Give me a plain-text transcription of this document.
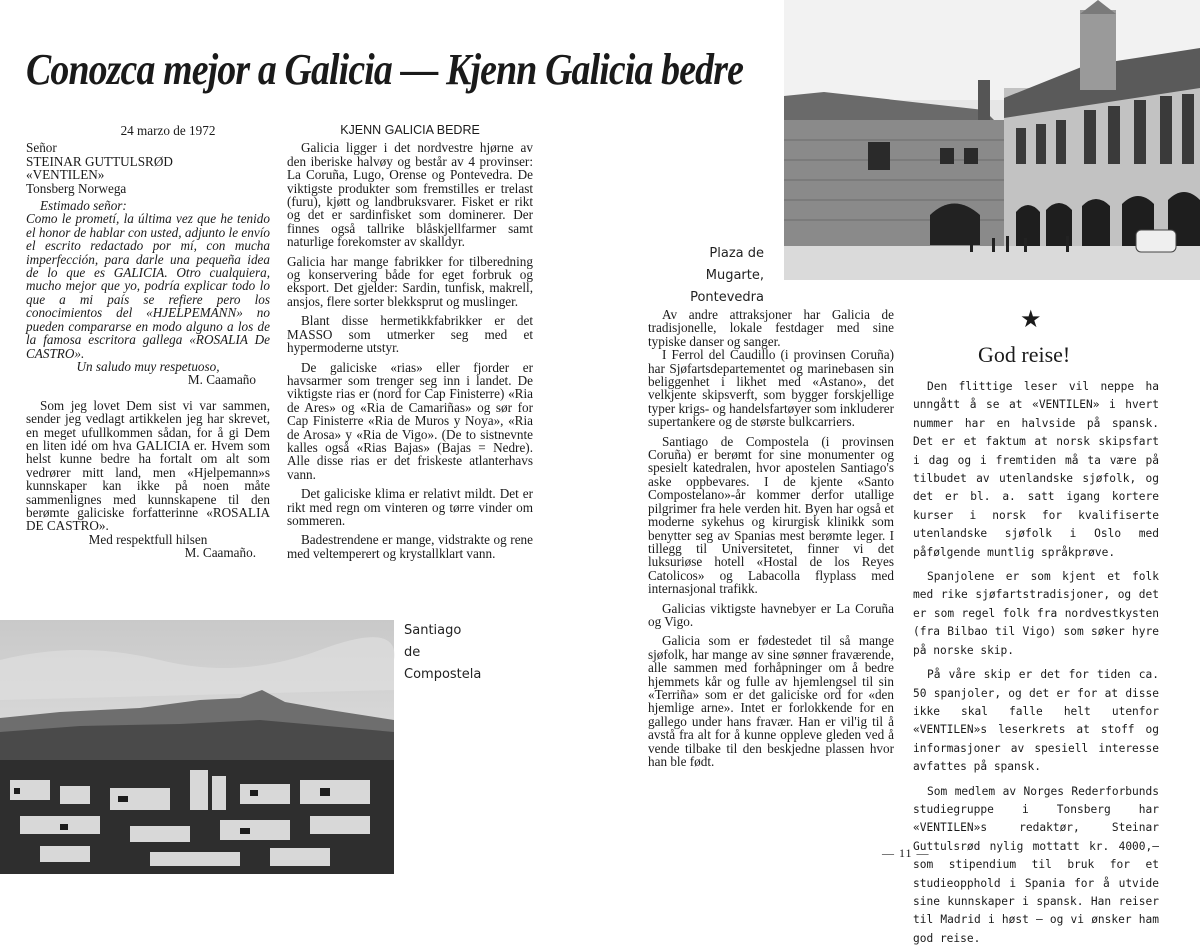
Conozca mejor a Galicia — Kjenn Galicia bedre

24 marzo de 1972

Señor

STEINAR GUTTULSRØD

«VENTILEN»

Tonsberg Norwega

Estimado señor:

Como le prometí, la última vez que he tenido el honor de hablar con usted, adjunto le envío el escrito redactado por mí, con mucha imperfección, para darle una pequeña idea de lo que es GALICIA. Otro cualquiera, mucho mejor que yo, podría explicar todo lo que a mi país se refiere pero los conocimientos del «HJELPEMANN» no pueden compararse en modo alguno a los de la famosa escritora gallega «ROSALIA De CASTRO».

Un saludo muy respetuoso,

M. Caamaño

Som jeg lovet Dem sist vi var sammen, sender jeg vedlagt artikkelen jeg har skrevet, en meget ufullkommen sådan, for å gi Dem en liten idé om hva GALICIA er. Hvem som helst kunne bedre ha fortalt om alt som vedrører mitt land, men «Hjelpemann»s kunnskaper kan ikke på noen måte sammenlignes med kunnskapene til den berømte galiciske forfatterinne «ROSALIA DE CASTRO».

Med respektfull hilsen

M. Caamaño.

KJENN GALICIA BEDRE

Galicia ligger i det nordvestre hjørne av den iberiske halvøy og består av 4 provinser: La Coruña, Lugo, Orense og Pontevedra. De viktigste produkter som fremstilles er trelast (furu), kjøtt og landbruksvarer. Fisket er rikt og det er sardinfisket som dominerer. Der finnes også tallrike blåskjellfarmer samt naturlige forekomster av skalldyr.

Galicia har mange fabrikker for tilberedning og konservering både for eget forbruk og eksport. Det gjelder: Sardin, tunfisk, makrell, ansjos, flere sorter blekksprut og muslinger.

Blant disse hermetikkfabrikker er det MASSO som utmerker seg med et hypermoderne utstyr.

De galiciske «rias» eller fjorder er havsarmer som trenger seg inn i landet. De viktigste rias er (nord for Cap Finisterre) «Ria de Ares» og «Ria de Camariñas» og sør for Cap Finisterre «Ria de Muros y Noya», «Ria de Arosa» y «Ria de Vigo». (De to sistnevnte kalles også «Rias Bajas» (Bajas = Nedre). Alle disse rias er det friskeste atlanterhavs vann.

Det galiciske klima er relativt mildt. Det er rikt med regn om vinteren og tørre vinder om sommeren.

Badestrendene er mange, vidstrakte og rene med veltemperert og krystallklart vann.

Santiago
de
Compostela
Plaza de Mugarte,
Pontevedra

Av andre attraksjoner har Galicia de tradisjonelle, lokale festdager med sine typiske danser og sanger.

I Ferrol del Caudillo (i provinsen Coruña) har Sjøfartsdepartementet og marinebasen sin beliggenhet i likhet med «Astano», det velkjente skipsverft, som bygger forskjellige typer krigs- og handelsfartøyer som inkluderer supertankere og de største bulkcarriers.

Santiago de Compostela (i provinsen Coruña) er berømt for sine monumenter og spesielt katedralen, hvor apostelen Santiago's aske oppbevares. I de kjente «Santo Compostelano»-år kommer derfor utallige pilgrimer fra hele verden hit. Byen har også et moderne sykehus og kirurgisk klinikk som benytter seg av Spanias mest berømte leger. I tillegg til Universitetet, finner vi det luksuriøse hotell «Hostal de los Reyes Catolicos» og Labacolla flyplass med internasjonal trafikk.

Galicias viktigste havnebyer er La Coruña og Vigo.

Galicia som er fødestedet til så mange sjøfolk, har mange av sine sønner fraværende, alle sammen med forhåpninger om å bedre hjemmets kår og fulle av hjemlengsel til sin «Terriña» som er det galiciske ord for «den hjemlige arne». Intet er forlokkende for en gallego under hans fravær. Han er vil'ig til å avstå fra alt for å kunne oppleve gleden ved å vende tilbake til den beskjedne plassen hvor han ble født.

★
God reise!

Den flittige leser vil neppe ha unngått å se at «VENTILEN» i hvert nummer har en halvside på spansk. Det er et faktum at norsk skipsfart i dag og i fremtiden må ta være på tilbudet av utenlandske sjøfolk, og det er bl. a. satt igang kortere kurser i norsk for kvalifiserte utenlandske sjøfolk i Oslo med påfølgende muntlig språkprøve.

Spanjolene er som kjent et folk med rike sjøfartstradisjoner, og det er som regel folk fra nordvestkysten (fra Bilbao til Vigo) som søker hyre på norske skip.

På våre skip er det for tiden ca. 50 spanjoler, og det er for at disse ikke skal falle helt utenfor «VENTILEN»s leserkrets at stoff og informasjoner av spesiell interesse avfattes på spansk.

Som medlem av Norges Rederforbunds studiegruppe i Tonsberg har «VENTILEN»s redaktør, Steinar Guttulsrød nylig mottatt kr. 4000,— som stipendium til bruk for et studieopphold i Spania for å utvide sine kunnskaper i spansk. Han reiser til Madrid i høst — og vi ønsker ham god reise.

— 11 —
